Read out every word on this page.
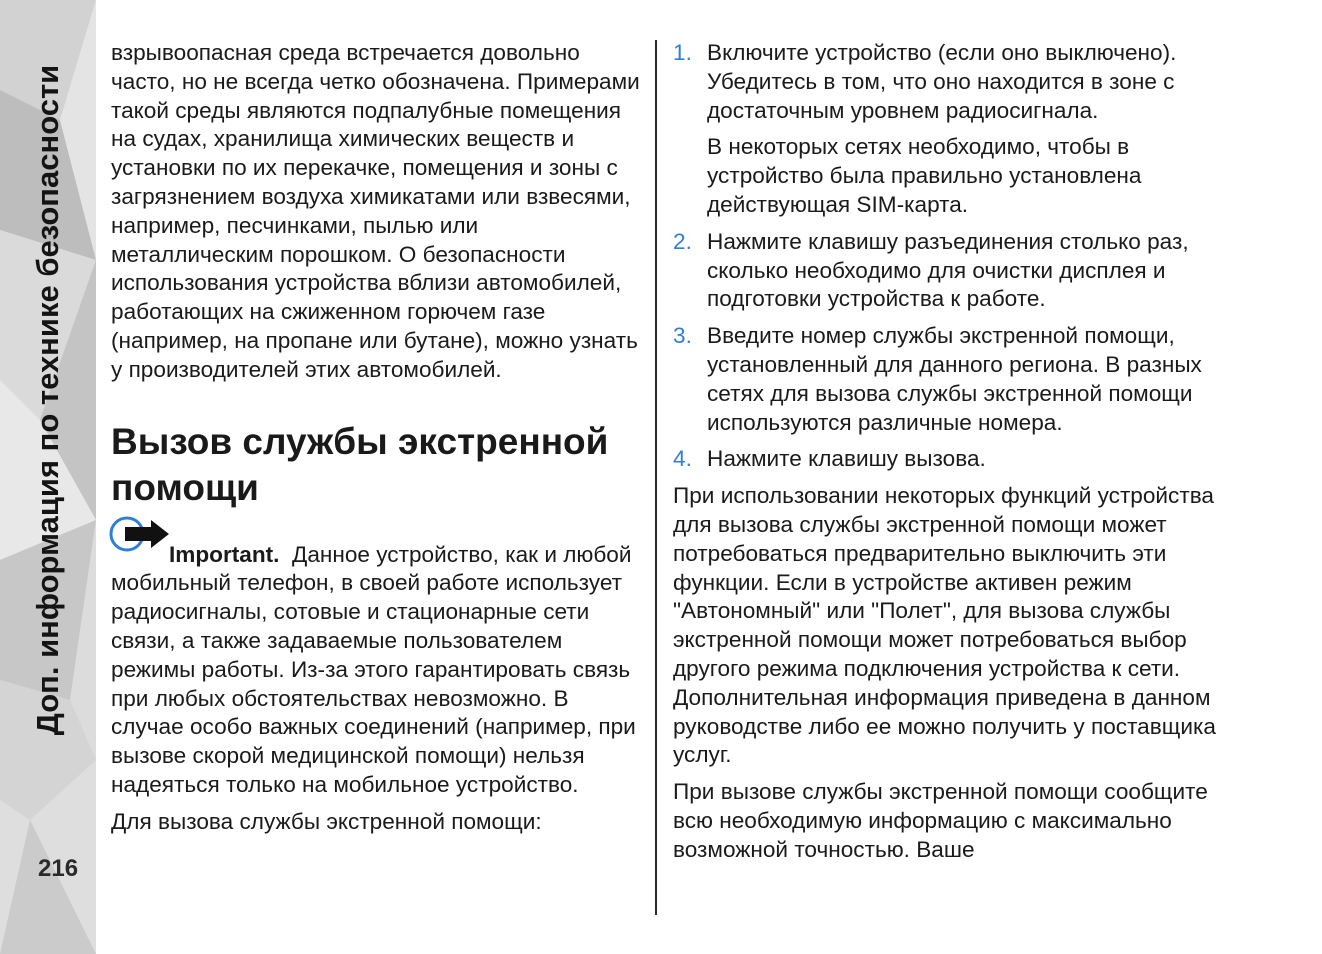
Доп. информация по технике безопасности
216

взрывоопасная среда встречается довольно часто, но не всегда четко обозначена. Примерами такой среды являются подпалубные помещения на судах, хранилища химических веществ и установки по их перекачке, помещения и зоны с загрязнением воздуха химикатами или взвесями, например, песчинками, пылью или металлическим порошком. О безопасности использования устройства вблизи автомобилей, работающих на сжиженном горючем газе (например, на пропане или бутане), можно узнать у производителей этих автомобилей.

Вызов службы экстренной помощи

Important. Данное устройство, как и любой мобильный телефон, в своей работе использует радиосигналы, сотовые и стационарные сети связи, а также задаваемые пользователем режимы работы. Из-за этого гарантировать связь при любых обстоятельствах невозможно. В случае особо важных соединений (например, при вызове скорой медицинской помощи) нельзя надеяться только на мобильное устройство.

Для вызова службы экстренной помощи:

1. Включите устройство (если оно выключено). Убедитесь в том, что оно находится в зоне с достаточным уровнем радиосигнала.
В некоторых сетях необходимо, чтобы в устройство была правильно установлена действующая SIM-карта.
2. Нажмите клавишу разъединения столько раз, сколько необходимо для очистки дисплея и подготовки устройства к работе.
3. Введите номер службы экстренной помощи, установленный для данного региона. В разных сетях для вызова службы экстренной помощи используются различные номера.
4. Нажмите клавишу вызова.

При использовании некоторых функций устройства для вызова службы экстренной помощи может потребоваться предварительно выключить эти функции. Если в устройстве активен режим "Автономный" или "Полет", для вызова службы экстренной помощи может потребоваться выбор другого режима подключения устройства к сети. Дополнительная информация приведена в данном руководстве либо ее можно получить у поставщика услуг.

При вызове службы экстренной помощи сообщите всю необходимую информацию с максимально возможной точностью. Ваше
